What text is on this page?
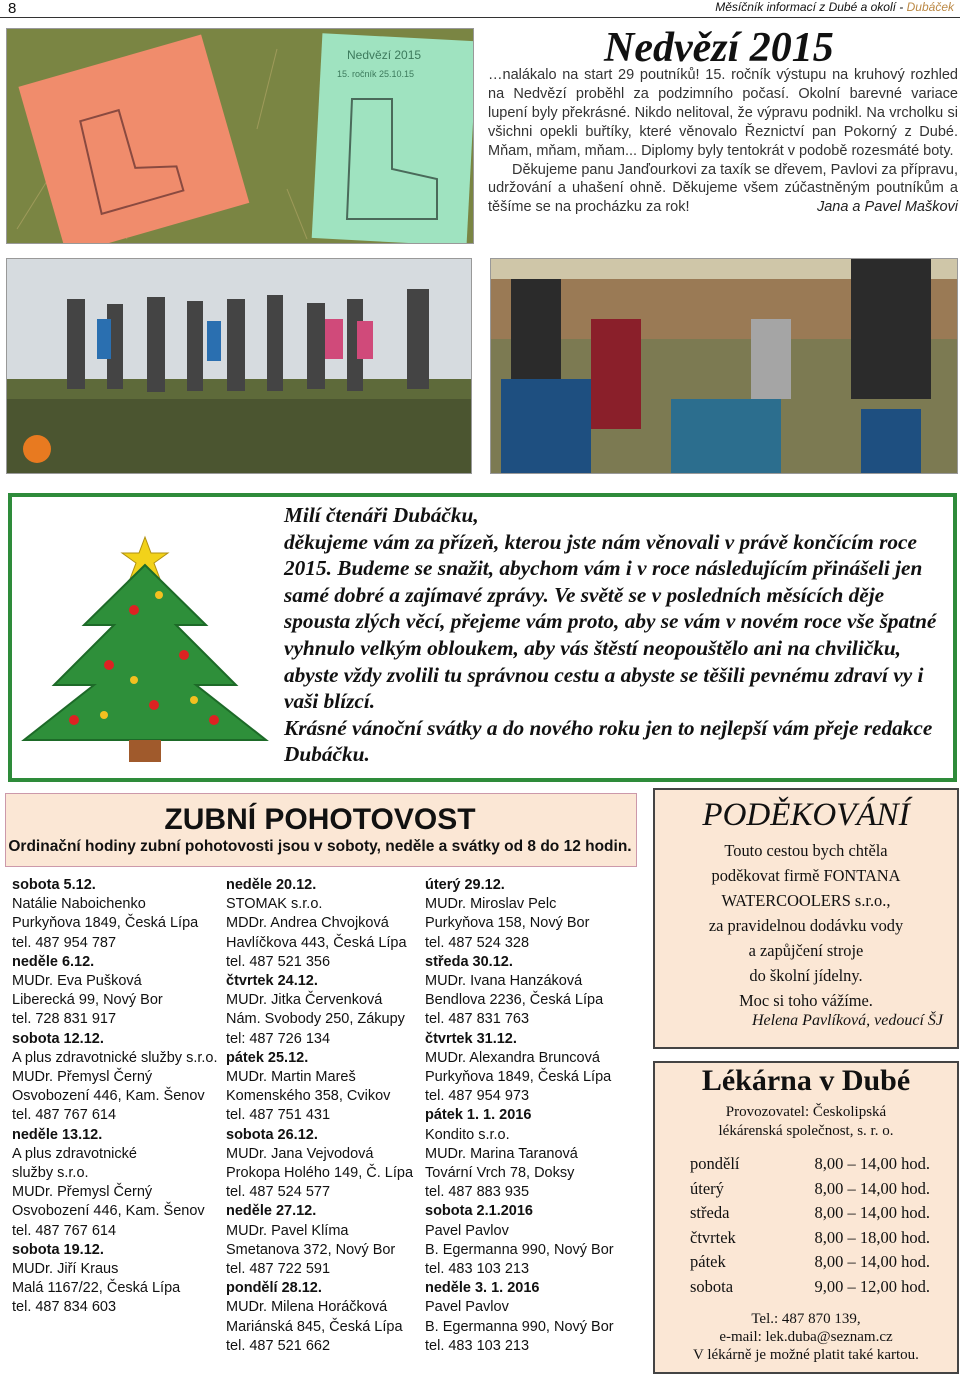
8	Měsíčník informací z Dubé a okolí - Dubáček
Nedvězí 2015
15. ročník 25.10.15
Nedvězí 2015

…nalákalo na start 29 poutníků! 15. ročník výstupu na kruhový rozhled na Nedvězí proběhl za podzimního počasí. Okolní barevné variace lupení byly překrásné. Nikdo nelitoval, že výpravu podnikl. Na vrcholku si všichni opekli buřtíky, které věnovalo Řeznictví pan Pokorný z Dubé. Mňam, mňam, mňam... Diplomy byly tentokrát v podobě rozesmáté boty.

Děkujeme panu Janďourkovi za taxík se dřevem, Pavlovi za přípravu, udržování a uhašení ohně. Děkujeme všem zúčastněným poutníkům a těšíme se na procházku za rok!	Jana a Pavel Maškovi

Milí čtenáři Dubáčku,

děkujeme vám za přízeň, kterou jste nám věnovali v právě končícím roce 2015. Budeme se snažit, abychom vám i v roce následujícím přinášeli jen samé dobré a zajímavé zprávy. Ve světě se v posledních měsících děje spousta zlých věcí, přejeme vám proto, aby se vám v novém roce vše špatné vyhnulo velkým obloukem, aby vás štěstí neopouštělo ani na chviličku, abyste vždy zvolili tu správnou cestu a abyste se těšili pevnému zdraví vy i vaši blízcí.

Krásné vánoční svátky a do nového roku jen to nejlepší vám přeje redakce Dubáčku.

ZUBNÍ POHOTOVOST
Ordinační hodiny zubní pohotovosti jsou v soboty, neděle a svátky od 8 do 12 hodin.
sobota 5.12.
Natálie Naboichenko
Purkyňova 1849, Česká Lípa
tel. 487 954 787
neděle 6.12.
MUDr. Eva Pušková
Liberecká 99, Nový Bor
tel. 728 831 917
sobota 12.12.
A plus zdravotnické služby s.r.o.
MUDr. Přemysl Černý
Osvobození 446, Kam. Šenov
tel. 487 767 614
neděle 13.12.
A plus zdravotnické
služby s.r.o.
MUDr. Přemysl Černý
Osvobození 446, Kam. Šenov
tel. 487 767 614
sobota 19.12.
MUDr. Jiří Kraus
Malá 1167/22, Česká Lípa
tel. 487 834 603
neděle 20.12.
STOMAK s.r.o.
MDDr. Andrea Chvojková
Havlíčkova 443, Česká Lípa
tel. 487 521 356
čtvrtek 24.12.
MUDr. Jitka Červenková
Nám. Svobody 250, Zákupy
tel: 487 726 134
pátek 25.12.
MUDr. Martin Mareš
Komenského 358, Cvikov
tel. 487 751 431
sobota 26.12.
MUDr. Jana Vejvodová
Prokopa Holého 149, Č. Lípa
tel. 487 524 577
neděle 27.12.
MUDr. Pavel Klíma
Smetanova 372, Nový Bor
tel. 487 722 591
pondělí 28.12.
MUDr. Milena Horáčková
Mariánská 845, Česká Lípa
tel. 487 521 662
úterý 29.12.
MUDr. Miroslav Pelc
Purkyňova 158, Nový Bor
tel. 487 524 328
středa 30.12.
MUDr. Ivana Hanzáková
Bendlova 2236, Česká Lípa
tel. 487 831 763
čtvrtek 31.12.
MUDr. Alexandra Bruncová
Purkyňova 1849, Česká Lípa
tel. 487 954 973
pátek 1. 1. 2016
Kondito s.r.o.
MUDr. Marina Taranová
Tovární Vrch 78, Doksy
tel. 487 883 935
sobota 2.1.2016
Pavel Pavlov
B. Egermanna 990, Nový Bor
tel. 483 103 213
neděle 3. 1. 2016
Pavel Pavlov
B. Egermanna 990, Nový Bor
tel. 483 103 213
PODĚKOVÁNÍ
Touto cestou bych chtěla
poděkovat firmě FONTANA
WATERCOOLERS s.r.o.,
za pravidelnou dodávku vody
a zapůjčení stroje
do školní jídelny.
Moc si toho vážíme.
Helena Pavlíková, vedoucí ŠJ
Lékárna v Dubé
Provozovatel: Českolipská
lékárenská společnost, s. r. o.
pondělí	8,00 – 14,00 hod.
úterý	8,00 – 14,00 hod.
středa	8,00 – 14,00 hod.
čtvrtek	8,00 – 18,00 hod.
pátek	8,00 – 14,00 hod.
sobota	9,00 – 12,00 hod.
Tel.: 487 870 139,
e-mail: lek.duba@seznam.cz
V lékárně je možné platit také kartou.
